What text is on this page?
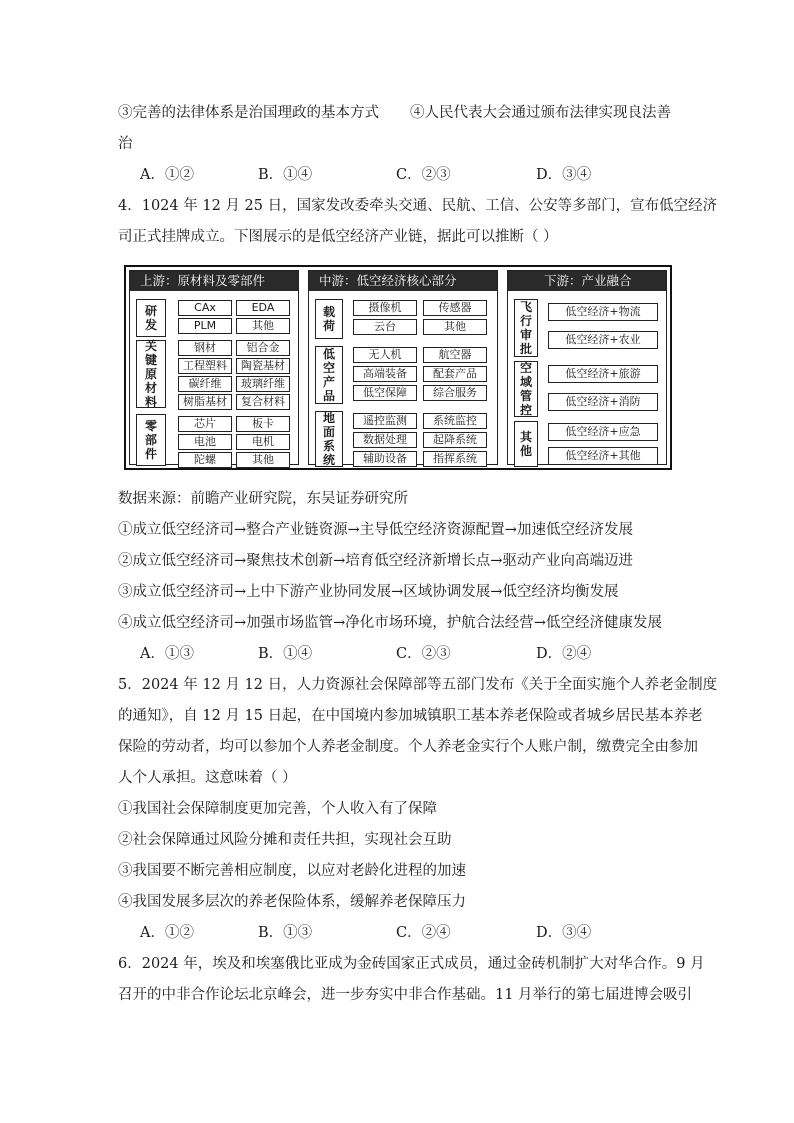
③完善的法律体系是治国理政的基本方式 ④人民代表大会通过颁布法律实现良法善
治
A．①②	B．①④	C．②③	D．③④
4．1024 年 12 月 25 日，国家发改委牵头交通、民航、工信、公安等多部门，宣布低空经济
司正式挂牌成立。下图展示的是低空经济产业链，据此可以推断（ ）
上游：原材料及零部件
研
发
CAx	EDA
PLM	其他
关
键
原
材
料
钢材	铝合金
工程塑料	陶瓷基材
碳纤维	玻璃纤维
树脂基材	复合材料
零
部
件
芯片	板卡
电池	电机
陀螺	其他
中游：低空经济核心部分
载
荷
摄像机	传感器
云台	其他
低
空
产
品
无人机	航空器
高端装备	配套产品
低空保障	综合服务
地
面
系
统
遥控监测	系统监控
数据处理	起降系统
辅助设备	指挥系统
下游：产业融合
飞
行
审
批
低空经济+物流
低空经济+农业
空
域
管
控
低空经济+旅游
低空经济+消防
其
他
低空经济+应急
低空经济+其他
数据来源：前瞻产业研究院，东吴证券研究所
①成立低空经济司→整合产业链资源→主导低空经济资源配置→加速低空经济发展
②成立低空经济司→聚焦技术创新→培育低空经济新增长点→驱动产业向高端迈进
③成立低空经济司→上中下游产业协同发展→区域协调发展→低空经济均衡发展
④成立低空经济司→加强市场监管→净化市场环境，护航合法经营→低空经济健康发展
A．①③	B．①④	C．②③	D．②④
5．2024 年 12 月 12 日，人力资源社会保障部等五部门发布《关于全面实施个人养老金制度
的通知》，自 12 月 15 日起，在中国境内参加城镇职工基本养老保险或者城乡居民基本养老
保险的劳动者，均可以参加个人养老金制度。个人养老金实行个人账户制，缴费完全由参加
人个人承担。这意味着（ ）
①我国社会保障制度更加完善，个人收入有了保障
②社会保障通过风险分摊和责任共担，实现社会互助
③我国要不断完善相应制度，以应对老龄化进程的加速
④我国发展多层次的养老保险体系，缓解养老保障压力
A．①②	B．①③	C．②④	D．③④
6．2024 年，埃及和埃塞俄比亚成为金砖国家正式成员，通过金砖机制扩大对华合作。9 月
召开的中非合作论坛北京峰会，进一步夯实中非合作基础。11 月举行的第七届进博会吸引
